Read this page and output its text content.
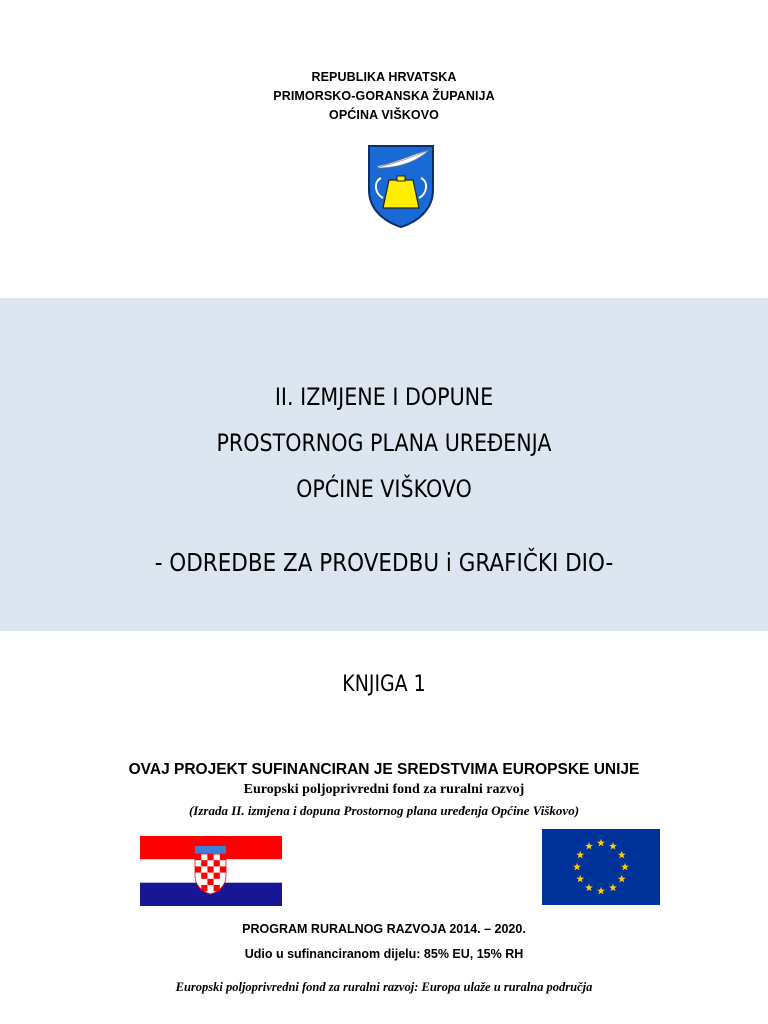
REPUBLIKA HRVATSKA
PRIMORSKO-GORANSKA ŽUPANIJA
OPĆINA VIŠKOVO
II. IZMJENE I DOPUNE
PROSTORNOG PLANA UREĐENJA
OPĆINE VIŠKOVO
- ODREDBE ZA PROVEDBU i GRAFIČKI DIO-
KNJIGA 1
OVAJ PROJEKT SUFINANCIRAN JE SREDSTVIMA EUROPSKE UNIJE
Europski poljoprivredni fond za ruralni razvoj
(Izrada II. izmjena i dopuna Prostornog plana uređenja Općine Viškovo)
PROGRAM RURALNOG RAZVOJA 2014. – 2020.
Udio u sufinanciranom dijelu: 85% EU, 15% RH
Europski poljoprivredni fond za ruralni razvoj: Europa ulaže u ruralna područja
